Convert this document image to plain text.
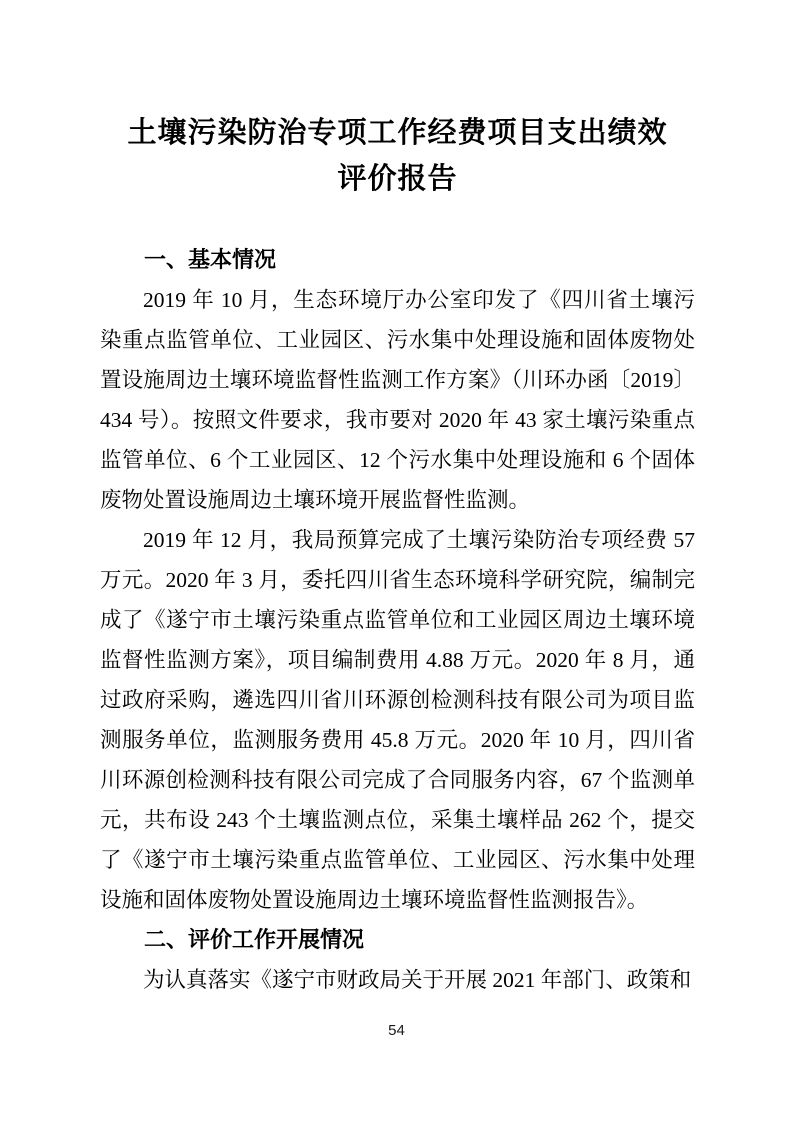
土壤污染防治专项工作经费项目支出绩效
评价报告
一、基本情况

2019 年 10 月，生态环境厅办公室印发了《四川省土壤污染重点监管单位、工业园区、污水集中处理设施和固体废物处置设施周边土壤环境监督性监测工作方案》（川环办函〔2019〕434 号）。按照文件要求，我市要对 2020 年 43 家土壤污染重点监管单位、6 个工业园区、12 个污水集中处理设施和 6 个固体废物处置设施周边土壤环境开展监督性监测。

2019 年 12 月，我局预算完成了土壤污染防治专项经费 57 万元。2020 年 3 月，委托四川省生态环境科学研究院，编制完成了《遂宁市土壤污染重点监管单位和工业园区周边土壤环境监督性监测方案》，项目编制费用 4.88 万元。2020 年 8 月，通过政府采购，遴选四川省川环源创检测科技有限公司为项目监测服务单位，监测服务费用 45.8 万元。2020 年 10 月，四川省川环源创检测科技有限公司完成了合同服务内容，67 个监测单元，共布设 243 个土壤监测点位，采集土壤样品 262 个，提交了《遂宁市土壤污染重点监管单位、工业园区、污水集中处理设施和固体废物处置设施周边土壤环境监督性监测报告》。

二、评价工作开展情况

为认真落实《遂宁市财政局关于开展 2021 年部门、政策和

54
